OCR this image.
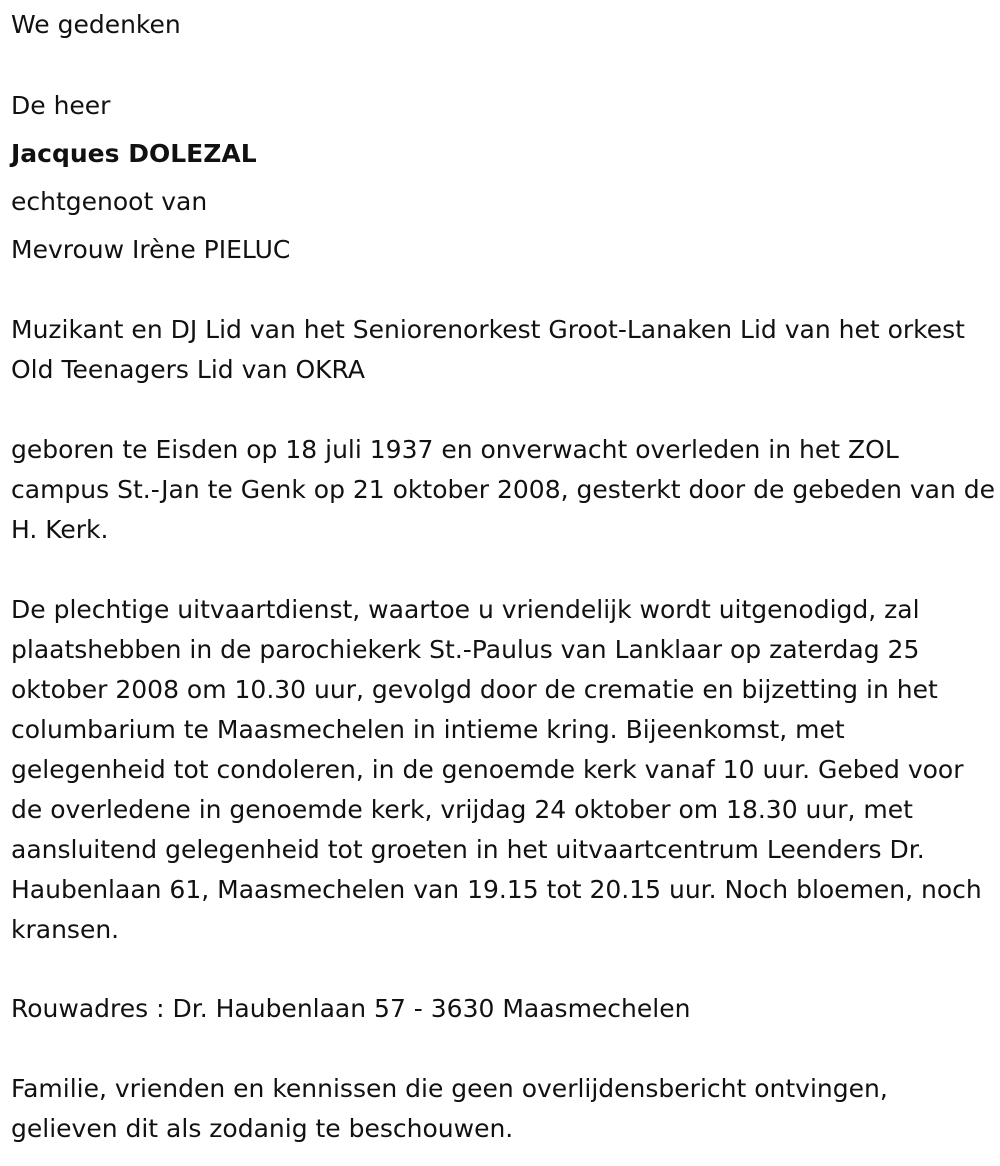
We gedenken
De heer
Jacques DOLEZAL
echtgenoot van
Mevrouw Irène PIELUC
Muzikant en DJ Lid van het Seniorenorkest Groot-Lanaken Lid van het orkest Old Teenagers Lid van OKRA
geboren te Eisden op 18 juli 1937 en onverwacht overleden in het ZOL campus St.-Jan te Genk op 21 oktober 2008, gesterkt door de gebeden van de H. Kerk.
De plechtige uitvaartdienst, waartoe u vriendelijk wordt uitgenodigd, zal plaatshebben in de parochiekerk St.-Paulus van Lanklaar op zaterdag 25 oktober 2008 om 10.30 uur, gevolgd door de crematie en bijzetting in het columbarium te Maasmechelen in intieme kring. Bijeenkomst, met gelegenheid tot condoleren, in de genoemde kerk vanaf 10 uur. Gebed voor de overledene in genoemde kerk, vrijdag 24 oktober om 18.30 uur, met aansluitend gelegenheid tot groeten in het uitvaartcentrum Leenders Dr. Haubenlaan 61, Maasmechelen van 19.15 tot 20.15 uur. Noch bloemen, noch kransen.
Rouwadres : Dr. Haubenlaan 57 - 3630 Maasmechelen
Familie, vrienden en kennissen die geen overlijdensbericht ontvingen, gelieven dit als zodanig te beschouwen.
